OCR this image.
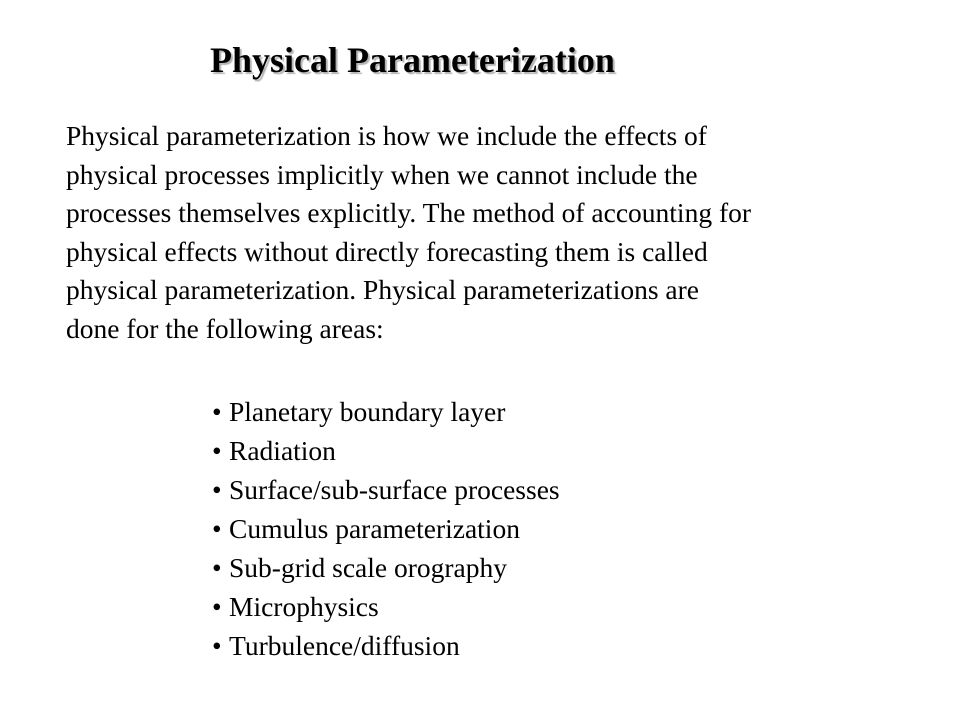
Physical Parameterization
Physical parameterization is how we include the effects of
physical processes implicitly when we cannot include the
processes themselves explicitly. The method of accounting for
physical effects without directly forecasting them is called
physical parameterization. Physical parameterizations are
done for the following areas:
• Planetary boundary layer
• Radiation
• Surface/sub-surface processes
• Cumulus parameterization
• Sub-grid scale orography
• Microphysics
• Turbulence/diffusion
